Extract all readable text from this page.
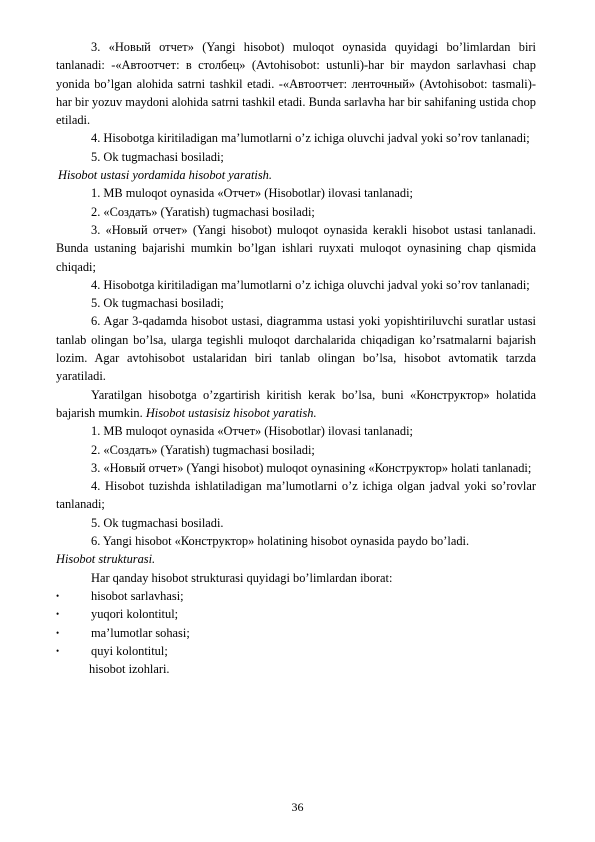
3. «Новый отчет» (Yangi hisobot) muloqot oynasida quyidagi bo’limlardan biri tanlanadi: -«Автоотчет: в столбец» (Avtohisobot: ustunli)-har bir maydon sarlavhasi chap yonida bo’lgan alohida satrni tashkil etadi. -«Автоотчет: ленточный» (Avtohisobot: tasmali)-har bir yozuv maydoni alohida satrni tashkil etadi. Bunda sarlavha har bir sahifaning ustida chop etiladi.

4. Hisobotga kiritiladigan ma’lumotlarni o’z ichiga oluvchi jadval yoki so’rov tanlanadi;

5. Ok tugmachasi bosiladi;

Hisobot ustasi yordamida hisobot yaratish.

1. MB muloqot oynasida «Отчет» (Hisobotlar) ilovasi tanlanadi;

2. «Создать» (Yaratish) tugmachasi bosiladi;

3. «Новый отчет» (Yangi hisobot) muloqot oynasida kerakli hisobot ustasi tanlanadi. Bunda ustaning bajarishi mumkin bo’lgan ishlari ruyxati muloqot oynasining chap qismida chiqadi;

4. Hisobotga kiritiladigan ma’lumotlarni o’z ichiga oluvchi jadval yoki so’rov tanlanadi;

5. Ok tugmachasi bosiladi;

6. Agar 3-qadamda hisobot ustasi, diagramma ustasi yoki yopishtiriluvchi suratlar ustasi tanlab olingan bo’lsa, ularga tegishli muloqot darchalarida chiqadigan ko’rsatmalarni bajarish lozim. Agar avtohisobot ustalaridan biri tanlab olingan bo’lsa, hisobot avtomatik tarzda yaratiladi.

Yaratilgan hisobotga o’zgartirish kiritish kerak bo’lsa, buni «Конструктор» holatida bajarish mumkin. Hisobot ustasisiz hisobot yaratish.

1. MB muloqot oynasida «Отчет» (Hisobotlar) ilovasi tanlanadi;

2. «Создать» (Yaratish) tugmachasi bosiladi;

3. «Новый отчет» (Yangi hisobot) muloqot oynasining «Конструктор» holati tanlanadi;

4. Hisobot tuzishda ishlatiladigan ma’lumotlarni o’z ichiga olgan jadval yoki so’rovlar tanlanadi;

5. Ok tugmachasi bosiladi.

6. Yangi hisobot «Конструктор» holatining hisobot oynasida paydo bo’ladi.

Hisobot strukturasi.

Har qanday hisobot strukturasi quyidagi bo’limlardan iborat:

•	hisobot sarlavhasi;
•	yuqori kolontitul;
•	ma’lumotlar sohasi;
•	quyi kolontitul;
hisobot izohlari.
36
